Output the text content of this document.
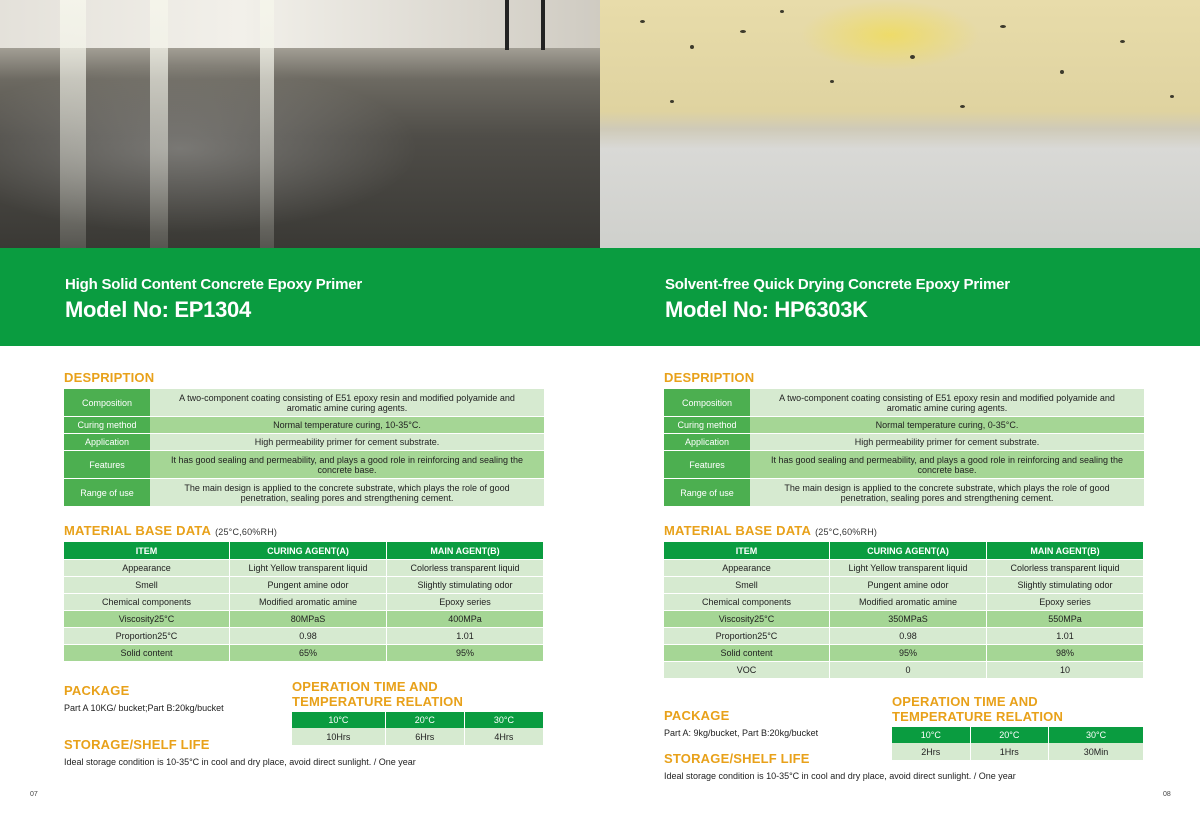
High Solid Content Concrete Epoxy Primer
Model No: EP1304
Solvent-free Quick Drying Concrete Epoxy Primer
Model No: HP6303K
DESPRIPTION
Composition	A two-component coating consisting of E51 epoxy resin and modified polyamide and aromatic amine curing agents.
Curing method	Normal temperature curing, 10-35°C.
Application	High permeability primer for cement substrate.
Features	It has good sealing and permeability, and plays a good role in reinforcing and sealing the concrete base.
Range of use	The main design is applied to the concrete substrate, which plays the role of good penetration, sealing pores and strengthening cement.
MATERIAL BASE DATA (25°C,60%RH)
ITEM	CURING AGENT(A)	MAIN AGENT(B)
Appearance	Light Yellow transparent liquid	Colorless transparent liquid
Smell	Pungent amine odor	Slightly stimulating odor
Chemical components	Modified aromatic amine	Epoxy series
Viscosity25°C	80MPaS	400MPa
Proportion25°C	0.98	1.01
Solid content	65%	95%
PACKAGE
Part A 10KG/ bucket;Part B:20kg/bucket
STORAGE/SHELF LIFE
Ideal storage condition is 10-35°C in cool and dry place, avoid direct sunlight. / One year
OPERATION TIME AND
TEMPERATURE RELATION
10°C	20°C	30°C
10Hrs	6Hrs	4Hrs
DESPRIPTION
Composition	A two-component coating consisting of E51 epoxy resin and modified polyamide and aromatic amine curing agents.
Curing method	Normal temperature curing, 0-35°C.
Application	High permeability primer for cement substrate.
Features	It has good sealing and permeability, and plays a good role in reinforcing and sealing the concrete base.
Range of use	The main design is applied to the concrete substrate, which plays the role of good penetration, sealing pores and strengthening cement.
MATERIAL BASE DATA (25°C,60%RH)
ITEM	CURING AGENT(A)	MAIN AGENT(B)
Appearance	Light Yellow transparent liquid	Colorless transparent liquid
Smell	Pungent amine odor	Slightly stimulating odor
Chemical components	Modified aromatic amine	Epoxy series
Viscosity25°C	350MPaS	550MPa
Proportion25°C	0.98	1.01
Solid content	95%	98%
VOC	0	10
PACKAGE
Part A: 9kg/bucket, Part B:20kg/bucket
STORAGE/SHELF LIFE
Ideal storage condition is 10-35°C in cool and dry place, avoid direct sunlight. / One year
OPERATION TIME AND
TEMPERATURE RELATION
10°C	20°C	30°C
2Hrs	1Hrs	30Min
07	08
